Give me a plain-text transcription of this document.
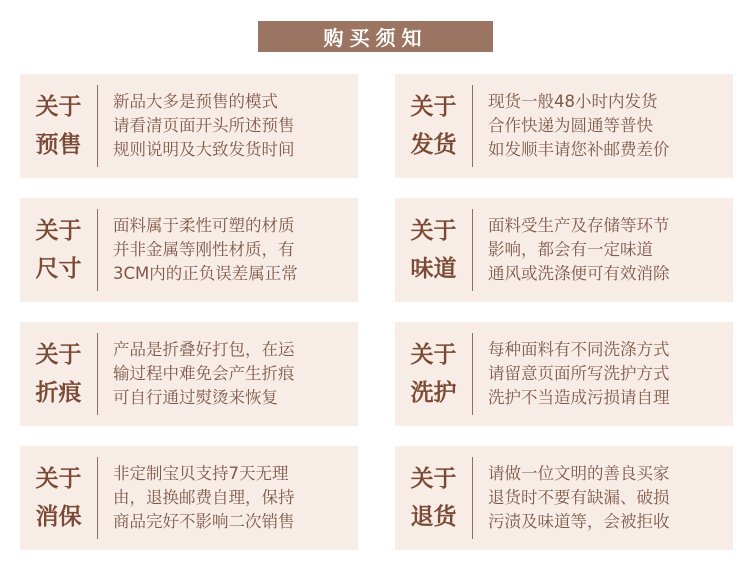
购买须知
关于
预售
新品大多是预售的模式
请看清页面开头所述预售
规则说明及大致发货时间
关于
发货
现货一般48小时内发货
合作快递为圆通等普快
如发顺丰请您补邮费差价
关于
尺寸
面料属于柔性可塑的材质
并非金属等刚性材质，有
3CM内的正负误差属正常
关于
味道
面料受生产及存储等环节
影响，都会有一定味道
通风或洗涤便可有效消除
关于
折痕
产品是折叠好打包，在运
输过程中难免会产生折痕
可自行通过熨烫来恢复
关于
洗护
每种面料有不同洗涤方式
请留意页面所写洗护方式
洗护不当造成污损请自理
关于
消保
非定制宝贝支持7天无理
由，退换邮费自理，保持
商品完好不影响二次销售
关于
退货
请做一位文明的善良买家
退货时不要有缺漏、破损
污渍及味道等，会被拒收
